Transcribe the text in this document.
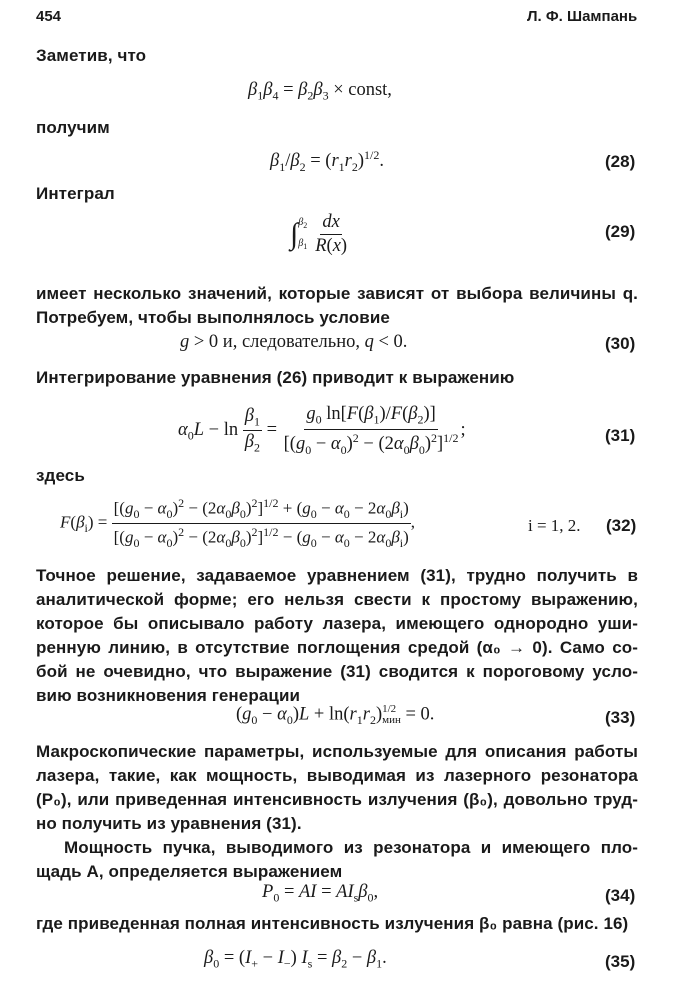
454	Л. Ф. Шампань
Заметив, что
$\beta_1\beta_4 = \beta_2\beta_3$ × const,
получим
$\beta_1/\beta_2 = (r_1r_2)^{1/2}$.	(28)
Интеграл
∫ $\beta_2$
$\beta_1 \frac{dx}{R(x)}$	(29)
имеет несколько значений, которые зависят от выбора величины q.
Потребуем, чтобы выполнялось условие
g > 0 и, следовательно, q < 0.	(30)
Интегрирование уравнения (26) приводит к выражению
$\alpha_0L - \ln \frac{\beta_1}{\beta_2} = \frac{g_0 \ln[F(\beta_1)/F(\beta_2)]}{[(g_0 - \alpha_0)^2 - (2\alpha_0\beta_0)^2]^{1/2}}$ ;	(31)
здесь
$F(\beta_i) = \frac{[(g_0 - \alpha_0)^2 - (2\alpha_0\beta_0)^2]^{1/2} + (g_0 - \alpha_0 - 2\alpha_0\beta_i)}{[(g_0 - \alpha_0)^2 - (2\alpha_0\beta_0)^2]^{1/2} - (g_0 - \alpha_0 - 2\alpha_0\beta_i)}$ ,	i = 1, 2. (32)
Точное решение, задаваемое уравнением (31), трудно получить в
аналитической форме; его нельзя свести к простому выражению,
которое бы описывало работу лазера, имеющего однородно уши-
ренную линию, в отсутствие поглощения средой (α₀ → 0). Само со-
бой не очевидно, что выражение (31) сводится к пороговому усло-
вию возникновения генерации
$(g_0 - \alpha_0)L + \ln(r_1r_2)$ 1/2
мин = 0.	(33)
Макроскопические параметры, используемые для описания работы
лазера, такие, как мощность, выводимая из лазерного резонатора
(P₀), или приведенная интенсивность излучения (β₀), довольно труд-
но получить из уравнения (31).
Мощность пучка, выводимого из резонатора и имеющего пло-
щадь A, определяется выражением
$P_0$ = AI = $AI_s\beta_0$,	(34)
где приведенная полная интенсивность излучения β₀ равна (рис. 16)
$\beta_0 = (I_+ - I_-) I_s = \beta_2 - \beta_1$.	(35)
